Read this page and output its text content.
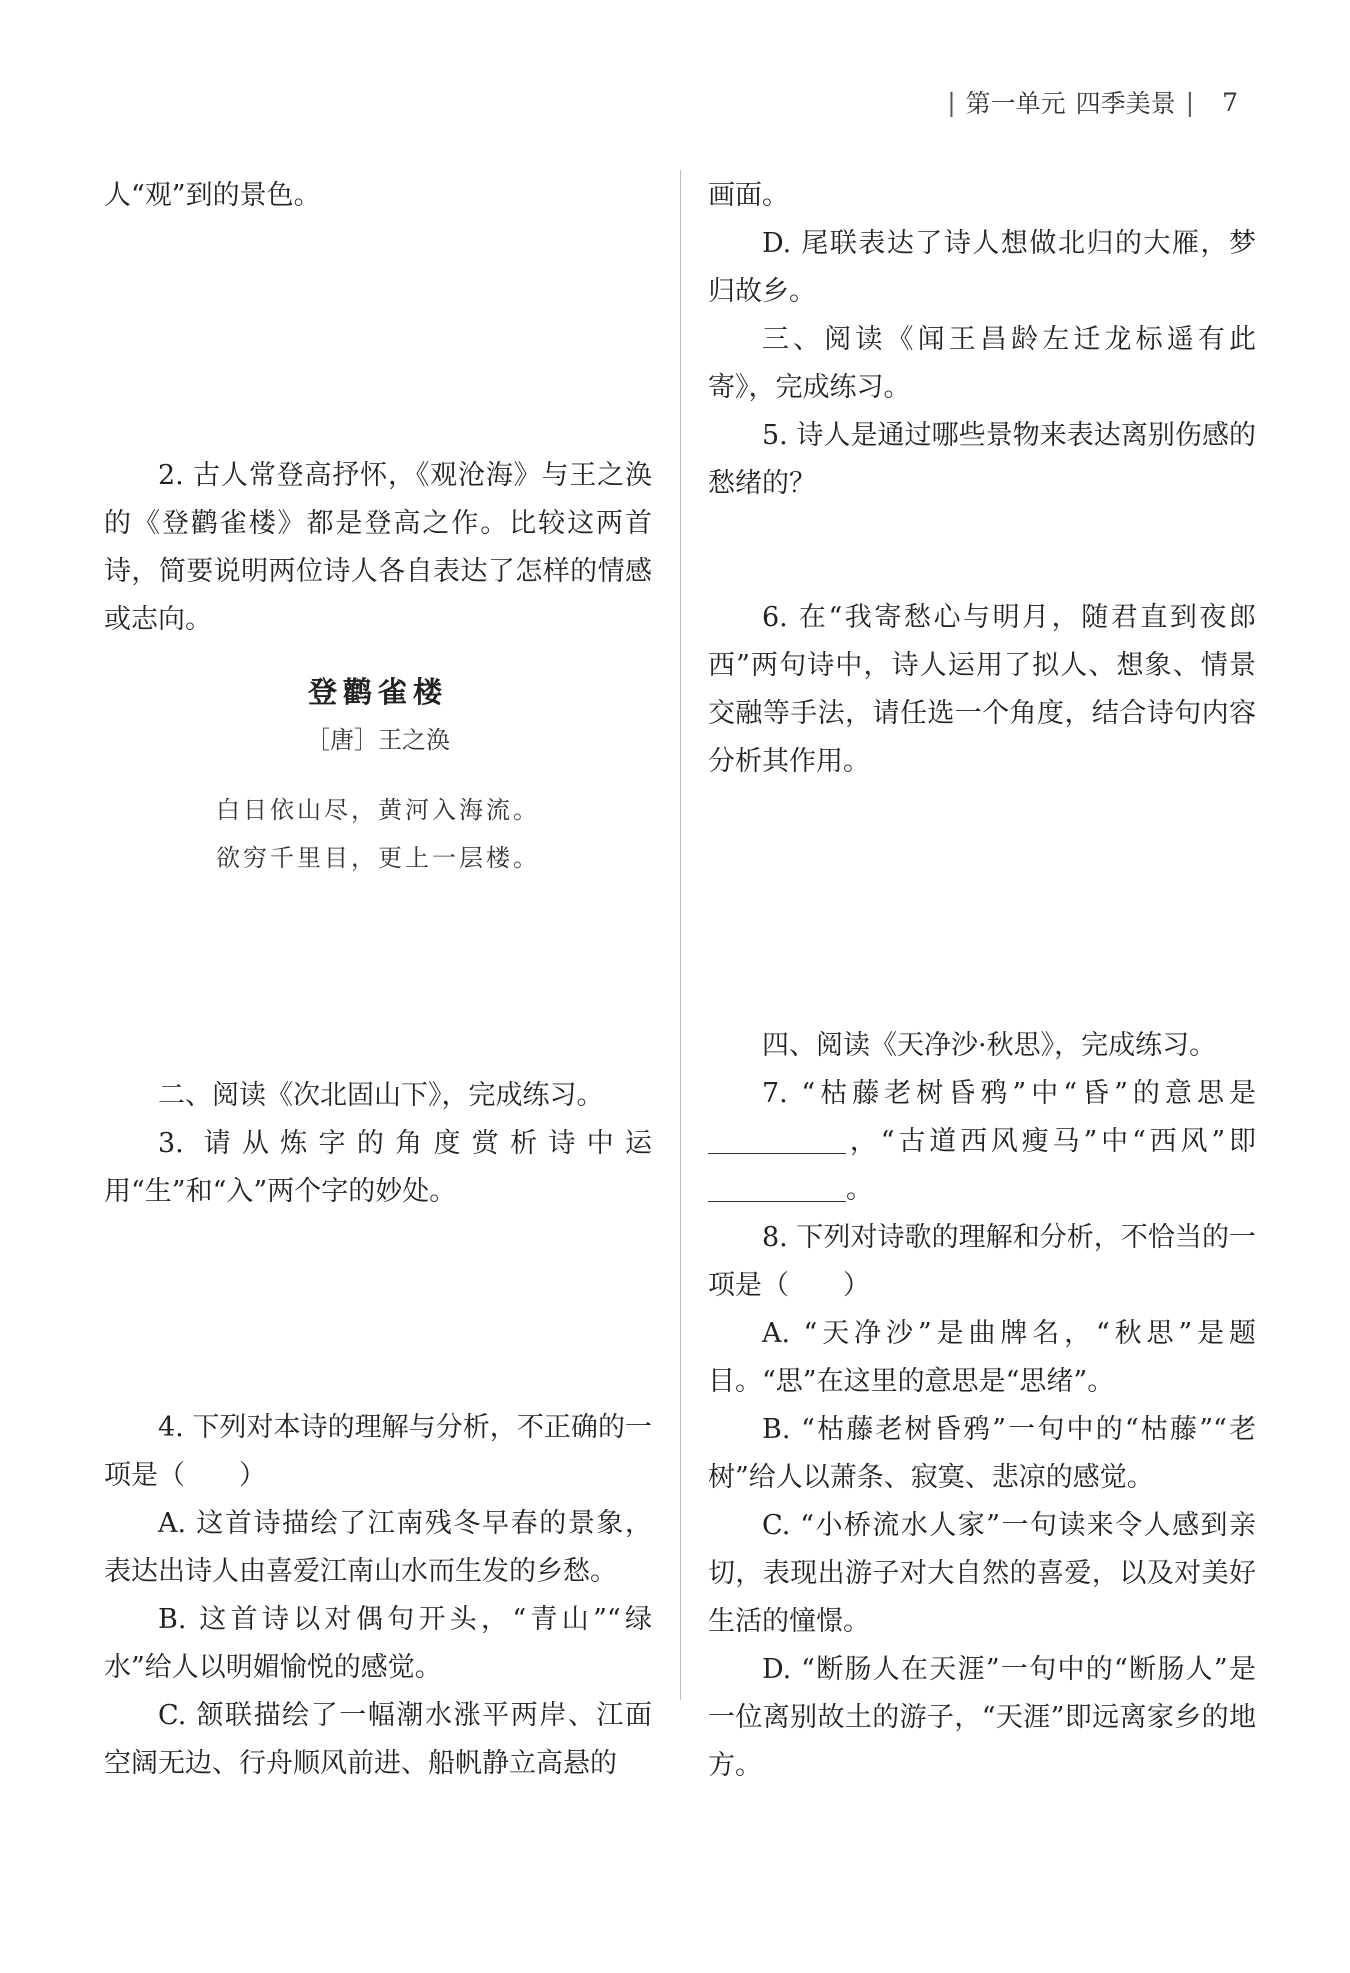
| 第一单元 四季美景 | 7

人“观”到的景色。

2. 古人常登高抒怀，《观沧海》与王之涣的《登鹳雀楼》都是登高之作。比较这两首诗，简要说明两位诗人各自表达了怎样的情感或志向。

登鹳雀楼
［唐］王之涣
白日依山尽，黄河入海流。
欲穷千里目，更上一层楼。

二、阅读《次北固山下》，完成练习。

3. 请从炼字的角度赏析诗中运用“生”和“入”两个字的妙处。

4. 下列对本诗的理解与分析，不正确的一项是（　　）

A. 这首诗描绘了江南残冬早春的景象，表达出诗人由喜爱江南山水而生发的乡愁。

B. 这首诗以对偶句开头，“青山”“绿水”给人以明媚愉悦的感觉。

C. 颔联描绘了一幅潮水涨平两岸、江面空阔无边、行舟顺风前进、船帆静立高悬的

画面。

D. 尾联表达了诗人想做北归的大雁，梦归故乡。

三、阅读《闻王昌龄左迁龙标遥有此寄》，完成练习。

5. 诗人是通过哪些景物来表达离别伤感的愁绪的？

6. 在“我寄愁心与明月，随君直到夜郎西”两句诗中，诗人运用了拟人、想象、情景交融等手法，请任选一个角度，结合诗句内容分析其作用。

四、阅读《天净沙·秋思》，完成练习。

7. “枯藤老树昏鸦”中“昏”的意思是，“古道西风瘦马”中“西风”即。

8. 下列对诗歌的理解和分析，不恰当的一项是（　　）

A. “天净沙”是曲牌名，“秋思”是题目。“思”在这里的意思是“思绪”。

B. “枯藤老树昏鸦”一句中的“枯藤”“老树”给人以萧条、寂寞、悲凉的感觉。

C. “小桥流水人家”一句读来令人感到亲切，表现出游子对大自然的喜爱，以及对美好生活的憧憬。

D. “断肠人在天涯”一句中的“断肠人”是一位离别故土的游子，“天涯”即远离家乡的地方。
